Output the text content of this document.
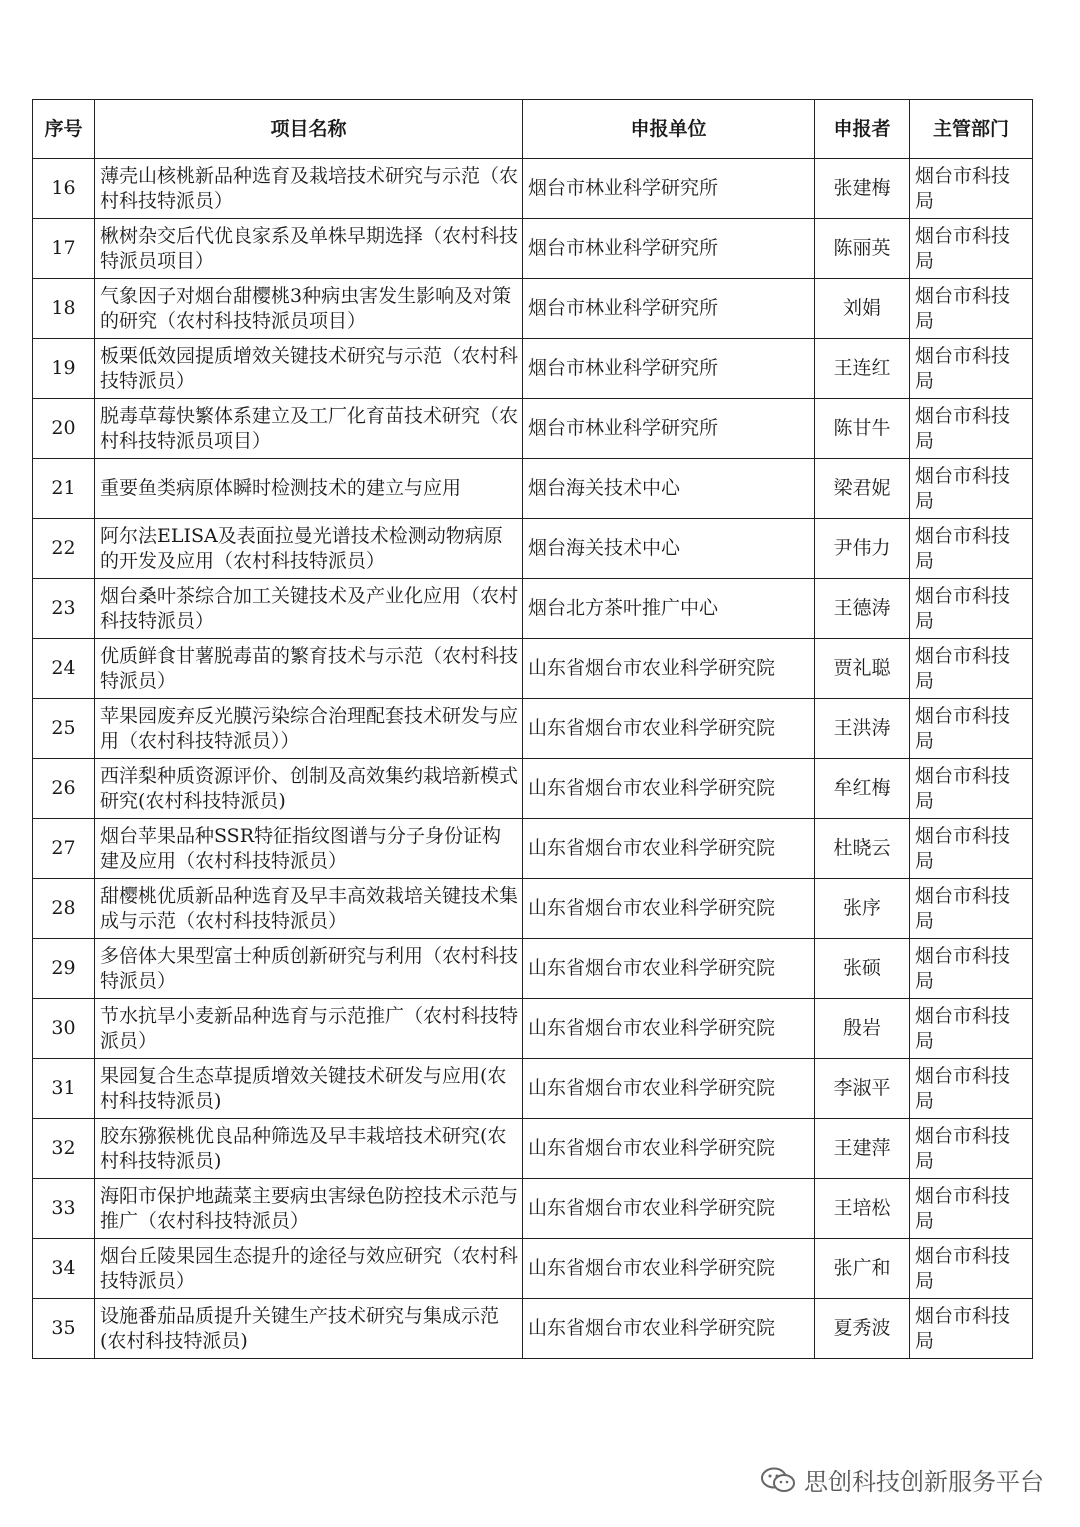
序号	项目名称	申报单位	申报者	主管部门
16	薄壳山核桃新品种选育及栽培技术研究与示范（农村科技特派员）	烟台市林业科学研究所	张建梅	烟台市科技局
17	楸树杂交后代优良家系及单株早期选择（农村科技特派员项目）	烟台市林业科学研究所	陈丽英	烟台市科技局
18	气象因子对烟台甜樱桃3种病虫害发生影响及对策的研究（农村科技特派员项目）	烟台市林业科学研究所	刘娟	烟台市科技局
19	板栗低效园提质增效关键技术研究与示范（农村科技特派员）	烟台市林业科学研究所	王连红	烟台市科技局
20	脱毒草莓快繁体系建立及工厂化育苗技术研究（农村科技特派员项目）	烟台市林业科学研究所	陈甘牛	烟台市科技局
21	重要鱼类病原体瞬时检测技术的建立与应用	烟台海关技术中心	梁君妮	烟台市科技局
22	阿尔法ELISA及表面拉曼光谱技术检测动物病原的开发及应用（农村科技特派员）	烟台海关技术中心	尹伟力	烟台市科技局
23	烟台桑叶茶综合加工关键技术及产业化应用（农村科技特派员）	烟台北方茶叶推广中心	王德涛	烟台市科技局
24	优质鲜食甘薯脱毒苗的繁育技术与示范（农村科技特派员）	山东省烟台市农业科学研究院	贾礼聪	烟台市科技局
25	苹果园废弃反光膜污染综合治理配套技术研发与应用（农村科技特派员））	山东省烟台市农业科学研究院	王洪涛	烟台市科技局
26	西洋梨种质资源评价、创制及高效集约栽培新模式研究(农村科技特派员)	山东省烟台市农业科学研究院	牟红梅	烟台市科技局
27	烟台苹果品种SSR特征指纹图谱与分子身份证构建及应用（农村科技特派员）	山东省烟台市农业科学研究院	杜晓云	烟台市科技局
28	甜樱桃优质新品种选育及早丰高效栽培关键技术集成与示范（农村科技特派员）	山东省烟台市农业科学研究院	张序	烟台市科技局
29	多倍体大果型富士种质创新研究与利用（农村科技特派员）	山东省烟台市农业科学研究院	张硕	烟台市科技局
30	节水抗旱小麦新品种选育与示范推广（农村科技特派员）	山东省烟台市农业科学研究院	殷岩	烟台市科技局
31	果园复合生态草提质增效关键技术研发与应用(农村科技特派员)	山东省烟台市农业科学研究院	李淑平	烟台市科技局
32	胶东猕猴桃优良品种筛选及早丰栽培技术研究(农村科技特派员)	山东省烟台市农业科学研究院	王建萍	烟台市科技局
33	海阳市保护地蔬菜主要病虫害绿色防控技术示范与推广（农村科技特派员）	山东省烟台市农业科学研究院	王培松	烟台市科技局
34	烟台丘陵果园生态提升的途径与效应研究（农村科技特派员）	山东省烟台市农业科学研究院	张广和	烟台市科技局
35	设施番茄品质提升关键生产技术研究与集成示范(农村科技特派员)	山东省烟台市农业科学研究院	夏秀波	烟台市科技局
思创科技创新服务平台
